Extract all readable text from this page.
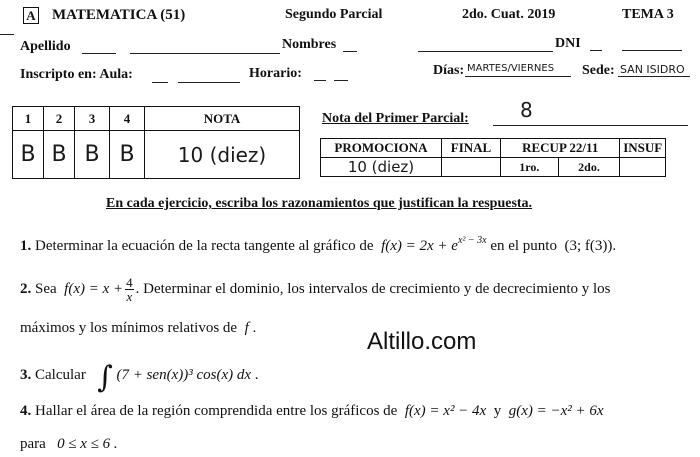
A MATEMATICA (51)	Segundo Parcial	2do. Cuat. 2019	TEMA 3
Apellido	Nombres	DNI
Inscripto en: Aula:	Horario:	Días: MARTES/VIERNES Sede: SAN ISIDRO
1	2	3	4	NOTA
B	B	B	B	10 (diez)
Nota del Primer Parcial:	8
PROMOCIONA	FINAL	RECUP 22/11		INSUF
10 (diez)		1ro.	2do.	
En cada ejercicio, escriba los razonamientos que justifican la respuesta.
1. Determinar la ecuación de la recta tangente al gráfico de $f(x) = 2x + e^{x^2 - 3x}$ en el punto (3; f(3)).
2. Sea $f(x) = x + \frac{4}{x}$ . Determinar el dominio, los intervalos de crecimiento y de decrecimiento y los
máximos y los mínimos relativos de f .	Altillo.com
3. Calcular ∫ (7 + sen(x))³ cos(x) dx .
4. Hallar el área de la región comprendida entre los gráficos de f(x) = x² − 4x y g(x) = −x² + 6x
para 0 ≤ x ≤ 6 .
